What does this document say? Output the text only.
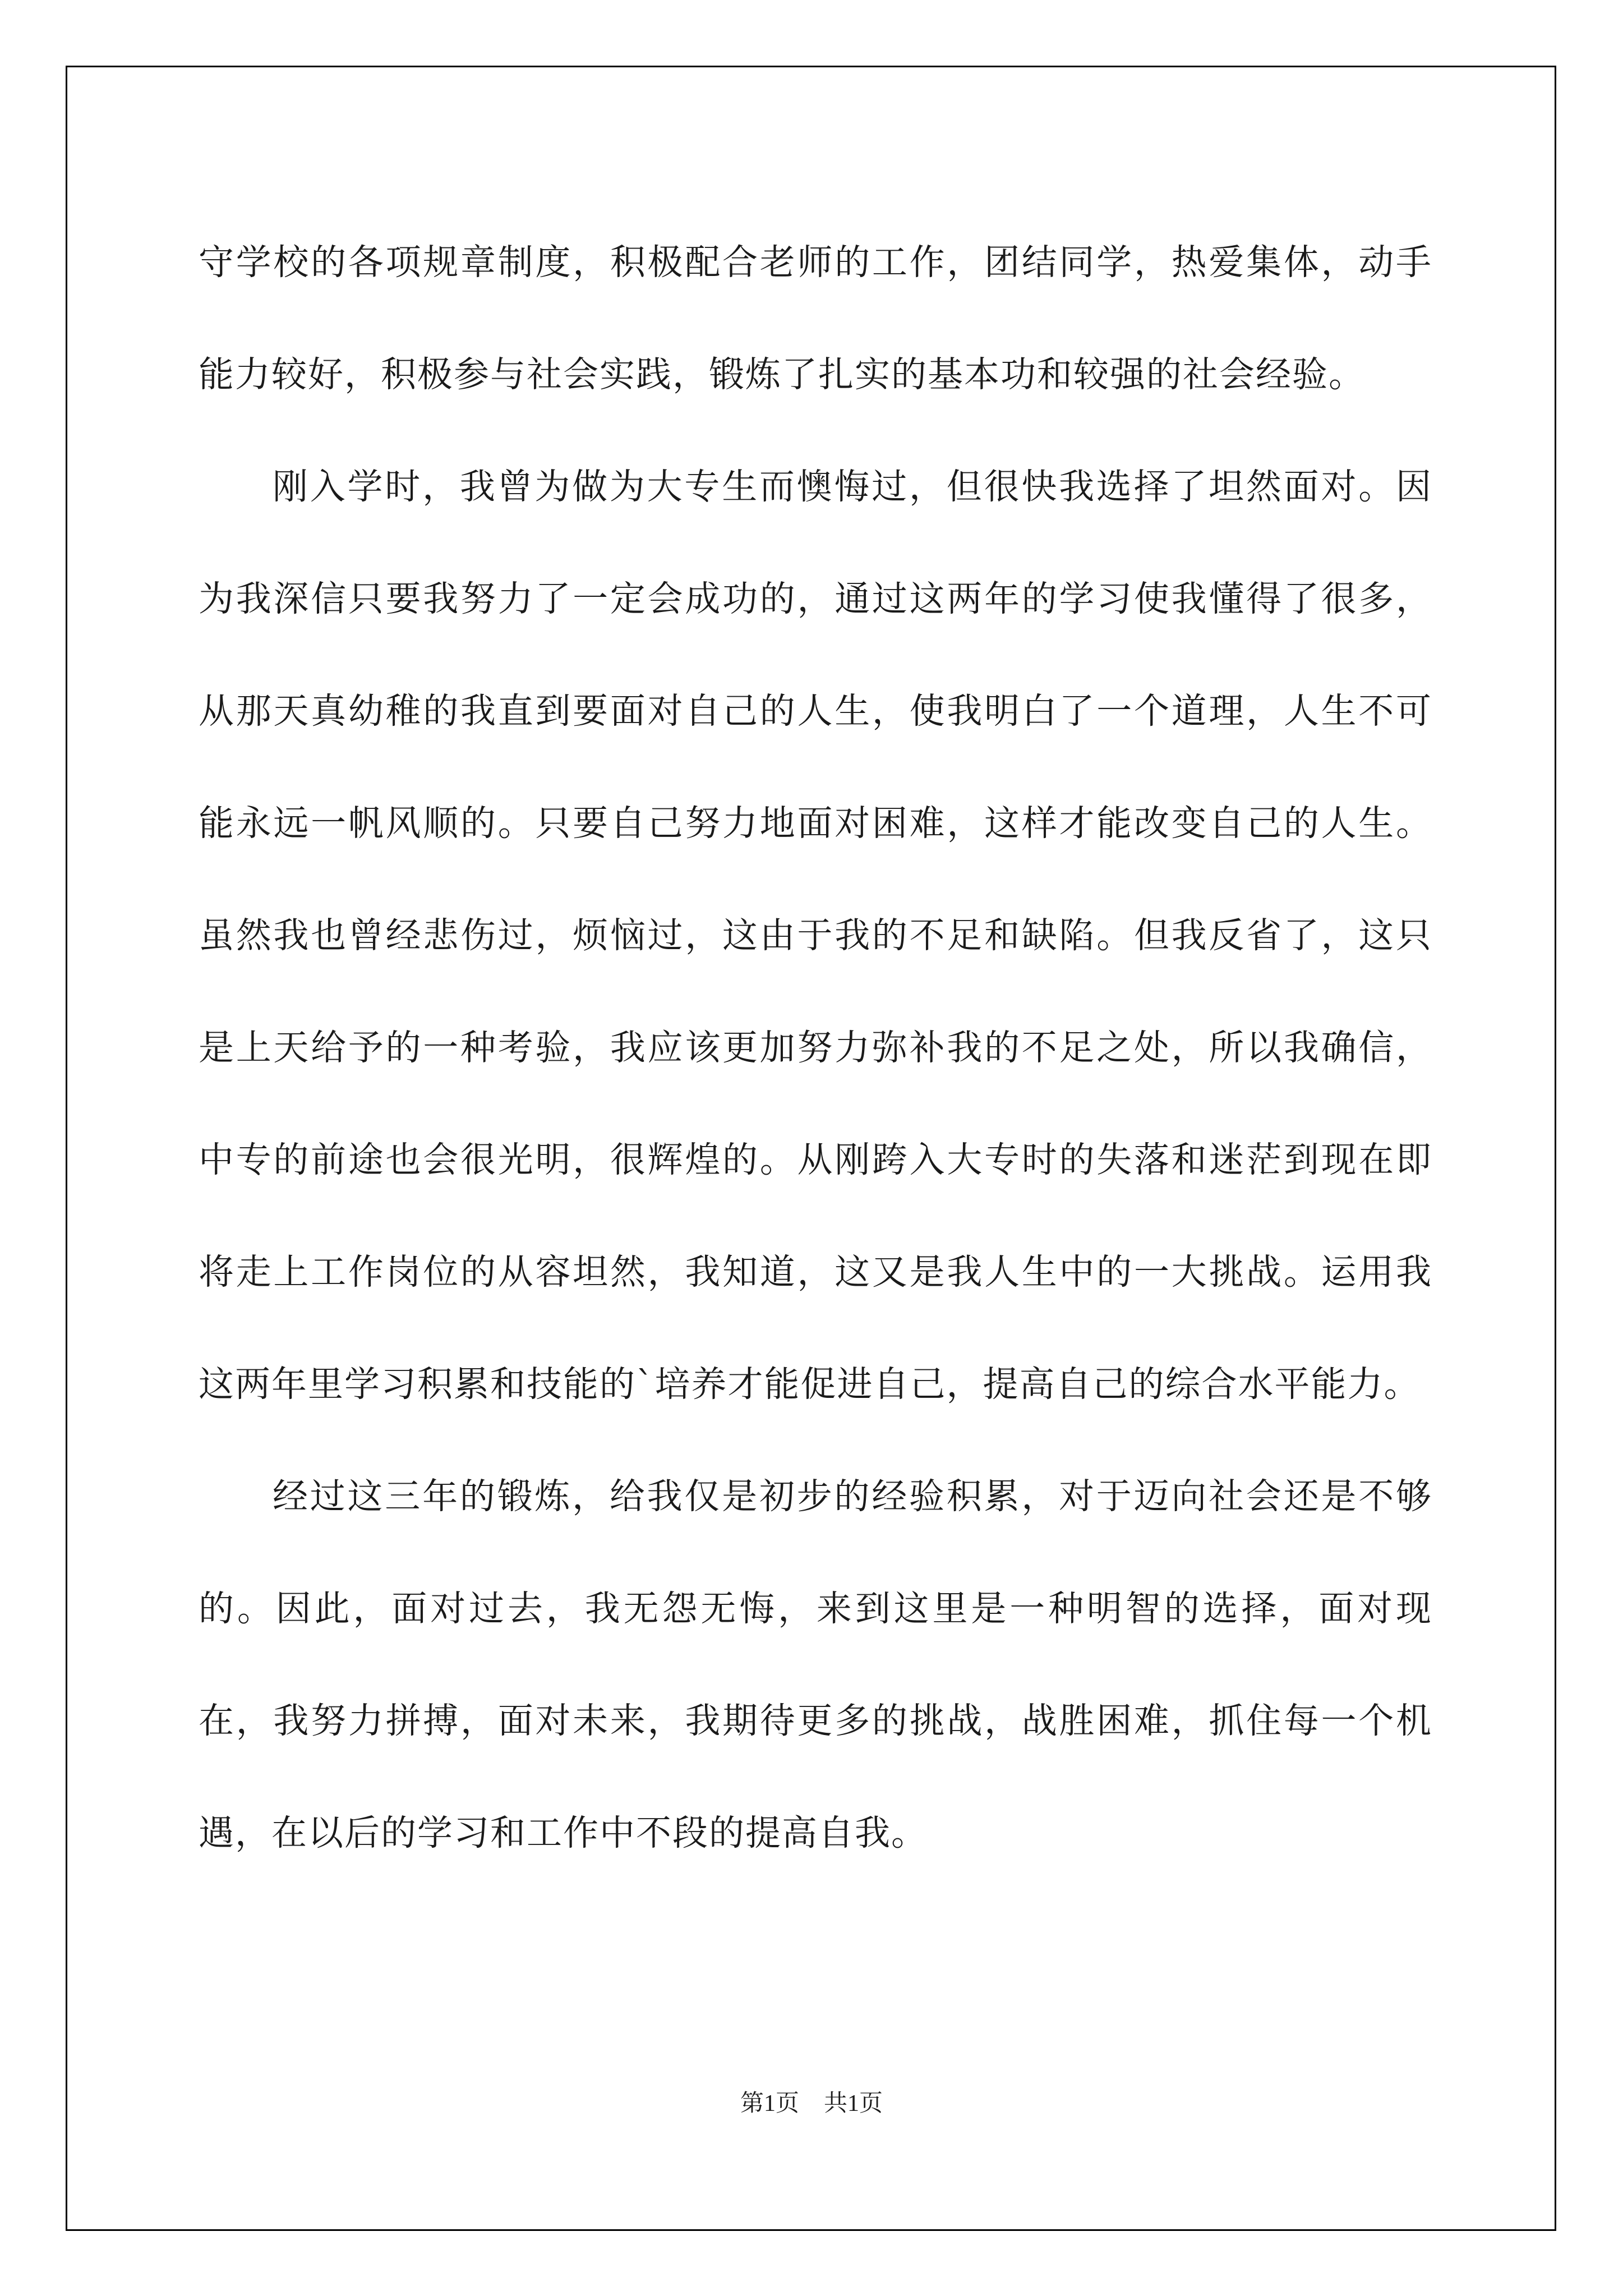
守学校的各项规章制度，积极配合老师的工作，团结同学，热爱集体，动手能力较好，积极参与社会实践，锻炼了扎实的基本功和较强的社会经验。

刚入学时，我曾为做为大专生而懊悔过，但很快我选择了坦然面对。因为我深信只要我努力了一定会成功的，通过这两年的学习使我懂得了很多，从那天真幼稚的我直到要面对自己的人生，使我明白了一个道理，人生不可能永远一帆风顺的。只要自己努力地面对困难，这样才能改变自己的人生。虽然我也曾经悲伤过，烦恼过，这由于我的不足和缺陷。但我反省了，这只是上天给予的一种考验，我应该更加努力弥补我的不足之处，所以我确信，中专的前途也会很光明，很辉煌的。从刚跨入大专时的失落和迷茫到现在即将走上工作岗位的从容坦然，我知道，这又是我人生中的一大挑战。运用我这两年里学习积累和技能的`培养才能促进自己，提高自己的综合水平能力。

经过这三年的锻炼，给我仅是初步的经验积累，对于迈向社会还是不够的。因此，面对过去，我无怨无悔，来到这里是一种明智的选择，面对现在，我努力拼搏，面对未来，我期待更多的挑战，战胜困难，抓住每一个机遇，在以后的学习和工作中不段的提高自我。

第1页 共1页
